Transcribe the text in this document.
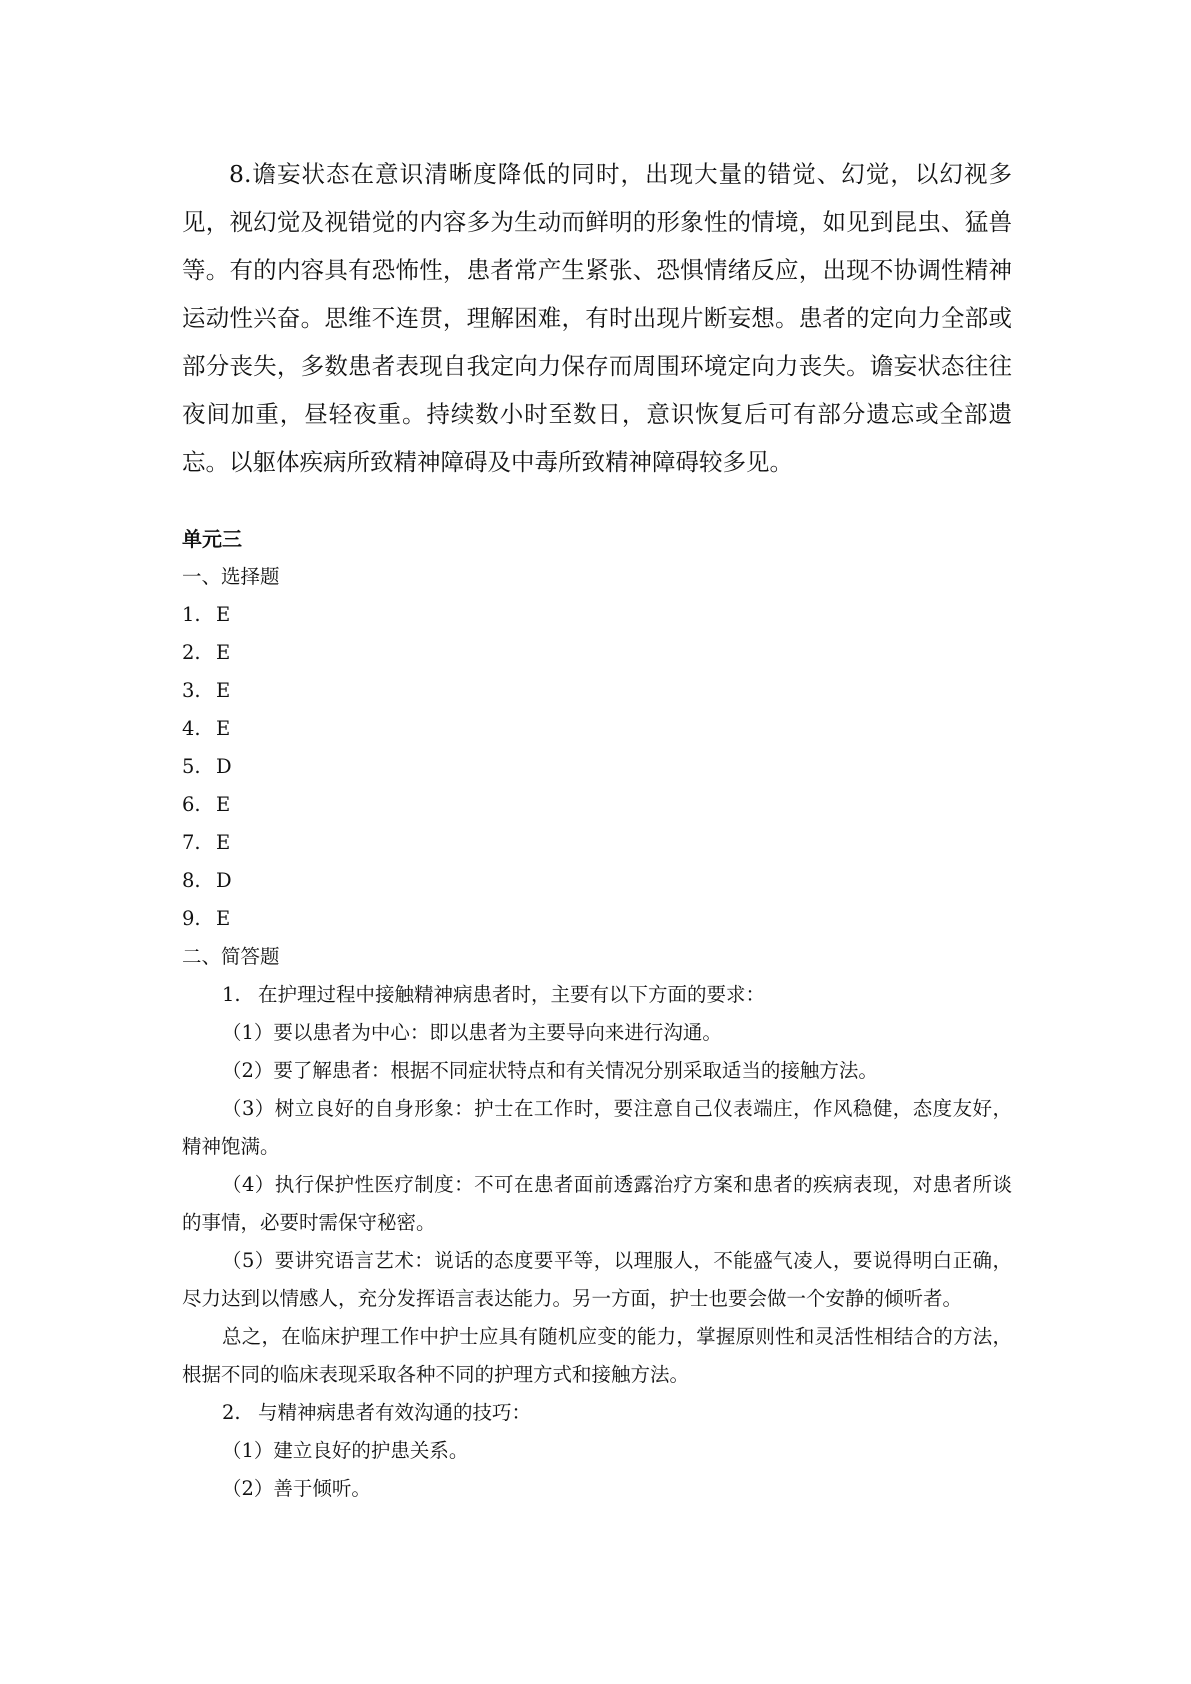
8.谵妄状态在意识清晰度降低的同时，出现大量的错觉、幻觉，以幻视多见，视幻觉及视错觉的内容多为生动而鲜明的形象性的情境，如见到昆虫、猛兽等。有的内容具有恐怖性，患者常产生紧张、恐惧情绪反应，出现不协调性精神运动性兴奋。思维不连贯，理解困难，有时出现片断妄想。患者的定向力全部或部分丧失，多数患者表现自我定向力保存而周围环境定向力丧失。谵妄状态往往夜间加重，昼轻夜重。持续数小时至数日，意识恢复后可有部分遗忘或全部遗忘。以躯体疾病所致精神障碍及中毒所致精神障碍较多见。

单元三
一、选择题
1. E
2. E
3. E
4. E
5. D
6. E
7. E
8. D
9. E
二、简答题

1. 在护理过程中接触精神病患者时，主要有以下方面的要求：

（1）要以患者为中心：即以患者为主要导向来进行沟通。

（2）要了解患者：根据不同症状特点和有关情况分别采取适当的接触方法。

（3）树立良好的自身形象：护士在工作时，要注意自己仪表端庄，作风稳健，态度友好，精神饱满。

（4）执行保护性医疗制度：不可在患者面前透露治疗方案和患者的疾病表现，对患者所谈的事情，必要时需保守秘密。

（5）要讲究语言艺术：说话的态度要平等，以理服人，不能盛气凌人，要说得明白正确，尽力达到以情感人，充分发挥语言表达能力。另一方面，护士也要会做一个安静的倾听者。

总之，在临床护理工作中护士应具有随机应变的能力，掌握原则性和灵活性相结合的方法，根据不同的临床表现采取各种不同的护理方式和接触方法。

2. 与精神病患者有效沟通的技巧：

（1）建立良好的护患关系。

（2）善于倾听。
